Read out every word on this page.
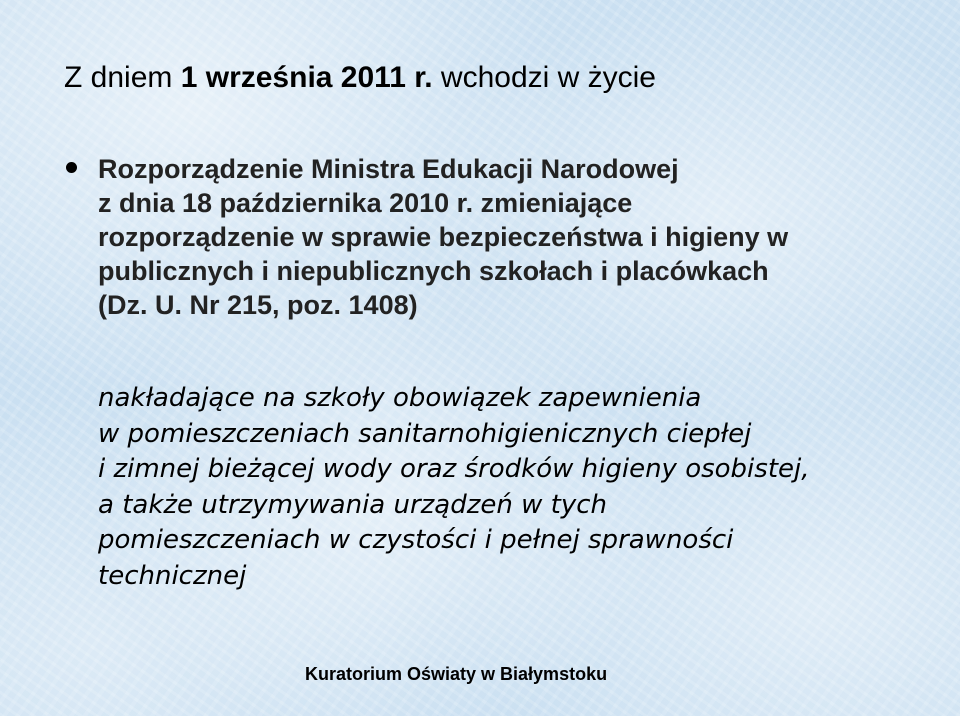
Z dniem 1 września 2011 r. wchodzi w życie

Rozporządzenie Ministra Edukacji Narodowej
z dnia 18 października 2010 r. zmieniające
rozporządzenie w sprawie bezpieczeństwa i higieny w
publicznych i niepublicznych szkołach i placówkach
(Dz. U. Nr 215, poz. 1408)

nakładające na szkoły obowiązek zapewnienia
w pomieszczeniach sanitarnohigienicznych ciepłej
i zimnej bieżącej wody oraz środków higieny osobistej,
a także utrzymywania urządzeń w tych
pomieszczeniach w czystości i pełnej sprawności
technicznej

Kuratorium Oświaty w Białymstoku
